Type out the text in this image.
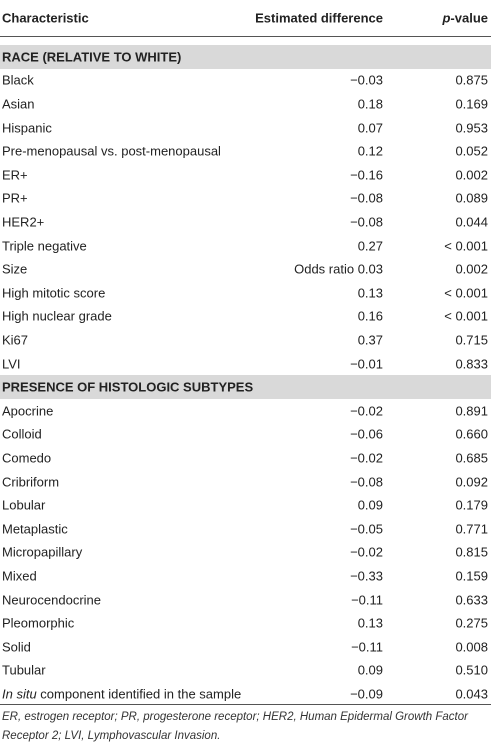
Characteristic	Estimated difference	p-value
RACE (RELATIVE TO WHITE)
Black	−0.03	0.875
Asian	0.18	0.169
Hispanic	0.07	0.953
Pre-menopausal vs. post-menopausal	0.12	0.052
ER+	−0.16	0.002
PR+	−0.08	0.089
HER2+	−0.08	0.044
Triple negative	0.27	< 0.001
Size	Odds ratio 0.03	0.002
High mitotic score	0.13	< 0.001
High nuclear grade	0.16	< 0.001
Ki67	0.37	0.715
LVI	−0.01	0.833
PRESENCE OF HISTOLOGIC SUBTYPES
Apocrine	−0.02	0.891
Colloid	−0.06	0.660
Comedo	−0.02	0.685
Cribriform	−0.08	0.092
Lobular	0.09	0.179
Metaplastic	−0.05	0.771
Micropapillary	−0.02	0.815
Mixed	−0.33	0.159
Neurocendocrine	−0.11	0.633
Pleomorphic	0.13	0.275
Solid	−0.11	0.008
Tubular	0.09	0.510
In situ component identified in the sample	−0.09	0.043
ER, estrogen receptor; PR, progesterone receptor; HER2, Human Epidermal Growth Factor Receptor 2; LVI, Lymphovascular Invasion.
